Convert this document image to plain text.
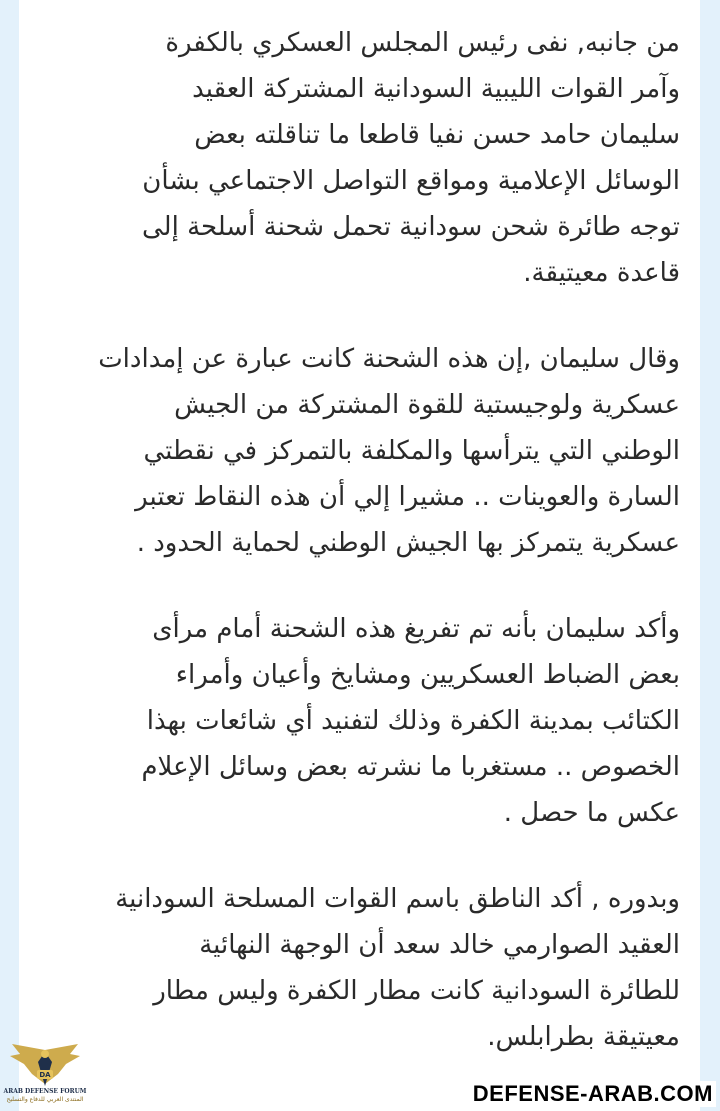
من جانبه, نفى رئيس المجلس العسكري بالكفرة
وآمر القوات الليبية السودانية المشتركة العقيد
سليمان حامد حسن نفيا قاطعا ما تناقلته بعض
الوسائل الإعلامية ومواقع التواصل الاجتماعي بشأن
توجه طائرة شحن سودانية تحمل شحنة أسلحة إلى
قاعدة معيتيقة.
وقال سليمان ,إن هذه الشحنة كانت عبارة عن إمدادات
عسكرية ولوجيستية للقوة المشتركة من الجيش
الوطني التي يترأسها والمكلفة بالتمركز في نقطتي
السارة والعوينات .. مشيرا إلي أن هذه النقاط تعتبر
عسكرية يتمركز بها الجيش الوطني لحماية الحدود .
وأكد سليمان بأنه تم تفريغ هذه الشحنة أمام مرأى
بعض الضباط العسكريين ومشايخ وأعيان وأمراء
الكتائب بمدينة الكفرة وذلك لتفنيد أي شائعات بهذا
الخصوص .. مستغربا ما نشرته بعض وسائل الإعلام
عكس ما حصل .
وبدوره , أكد الناطق باسم القوات المسلحة السودانية
العقيد الصوارمي خالد سعد أن الوجهة النهائية
للطائرة السودانية كانت مطار الكفرة وليس مطار
معيتيقة بطرابلس.
DA
ARAB DEFENSE FORUM
المنتدى العربي للدفاع والتسليح	DEFENSE-ARAB.COM
